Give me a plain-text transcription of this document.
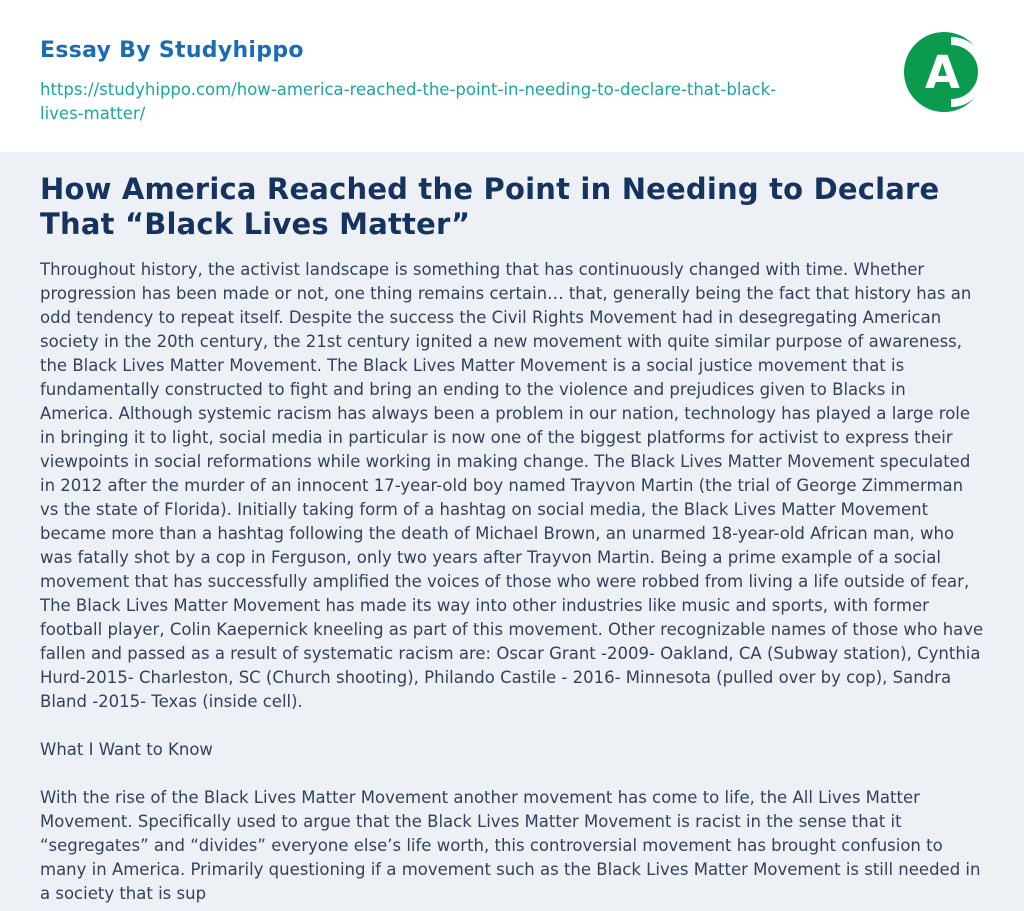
Essay By Studyhippo
https://studyhippo.com/how-america-reached-the-point-in-needing-to-declare-that-black-lives-matter/
A
How America Reached the Point in Needing to Declare That “Black Lives Matter”

Throughout history, the activist landscape is something that has continuously changed with time. Whether progression has been made or not, one thing remains certain… that, generally being the fact that history has an odd tendency to repeat itself. Despite the success the Civil Rights Movement had in desegregating American society in the 20th century, the 21st century ignited a new movement with quite similar purpose of awareness, the Black Lives Matter Movement. The Black Lives Matter Movement is a social justice movement that is fundamentally constructed to fight and bring an ending to the violence and prejudices given to Blacks in America. Although systemic racism has always been a problem in our nation, technology has played a large role in bringing it to light, social media in particular is now one of the biggest platforms for activist to express their viewpoints in social reformations while working in making change. The Black Lives Matter Movement speculated in 2012 after the murder of an innocent 17-year-old boy named Trayvon Martin (the trial of George Zimmerman vs the state of Florida). Initially taking form of a hashtag on social media, the Black Lives Matter Movement became more than a hashtag following the death of Michael Brown, an unarmed 18-year-old African man, who was fatally shot by a cop in Ferguson, only two years after Trayvon Martin. Being a prime example of a social movement that has successfully amplified the voices of those who were robbed from living a life outside of fear, The Black Lives Matter Movement has made its way into other industries like music and sports, with former football player, Colin Kaepernick kneeling as part of this movement. Other recognizable names of those who have fallen and passed as a result of systematic racism are: Oscar Grant -2009- Oakland, CA (Subway station), Cynthia Hurd-2015- Charleston, SC (Church shooting), Philando Castile - 2016- Minnesota (pulled over by cop), Sandra Bland -2015- Texas (inside cell).

What I Want to Know

With the rise of the Black Lives Matter Movement another movement has come to life, the All Lives Matter Movement. Specifically used to argue that the Black Lives Matter Movement is racist in the sense that it “segregates” and “divides” everyone else’s life worth, this controversial movement has brought confusion to many in America. Primarily questioning if a movement such as the Black Lives Matter Movement is still needed in a society that is sup
